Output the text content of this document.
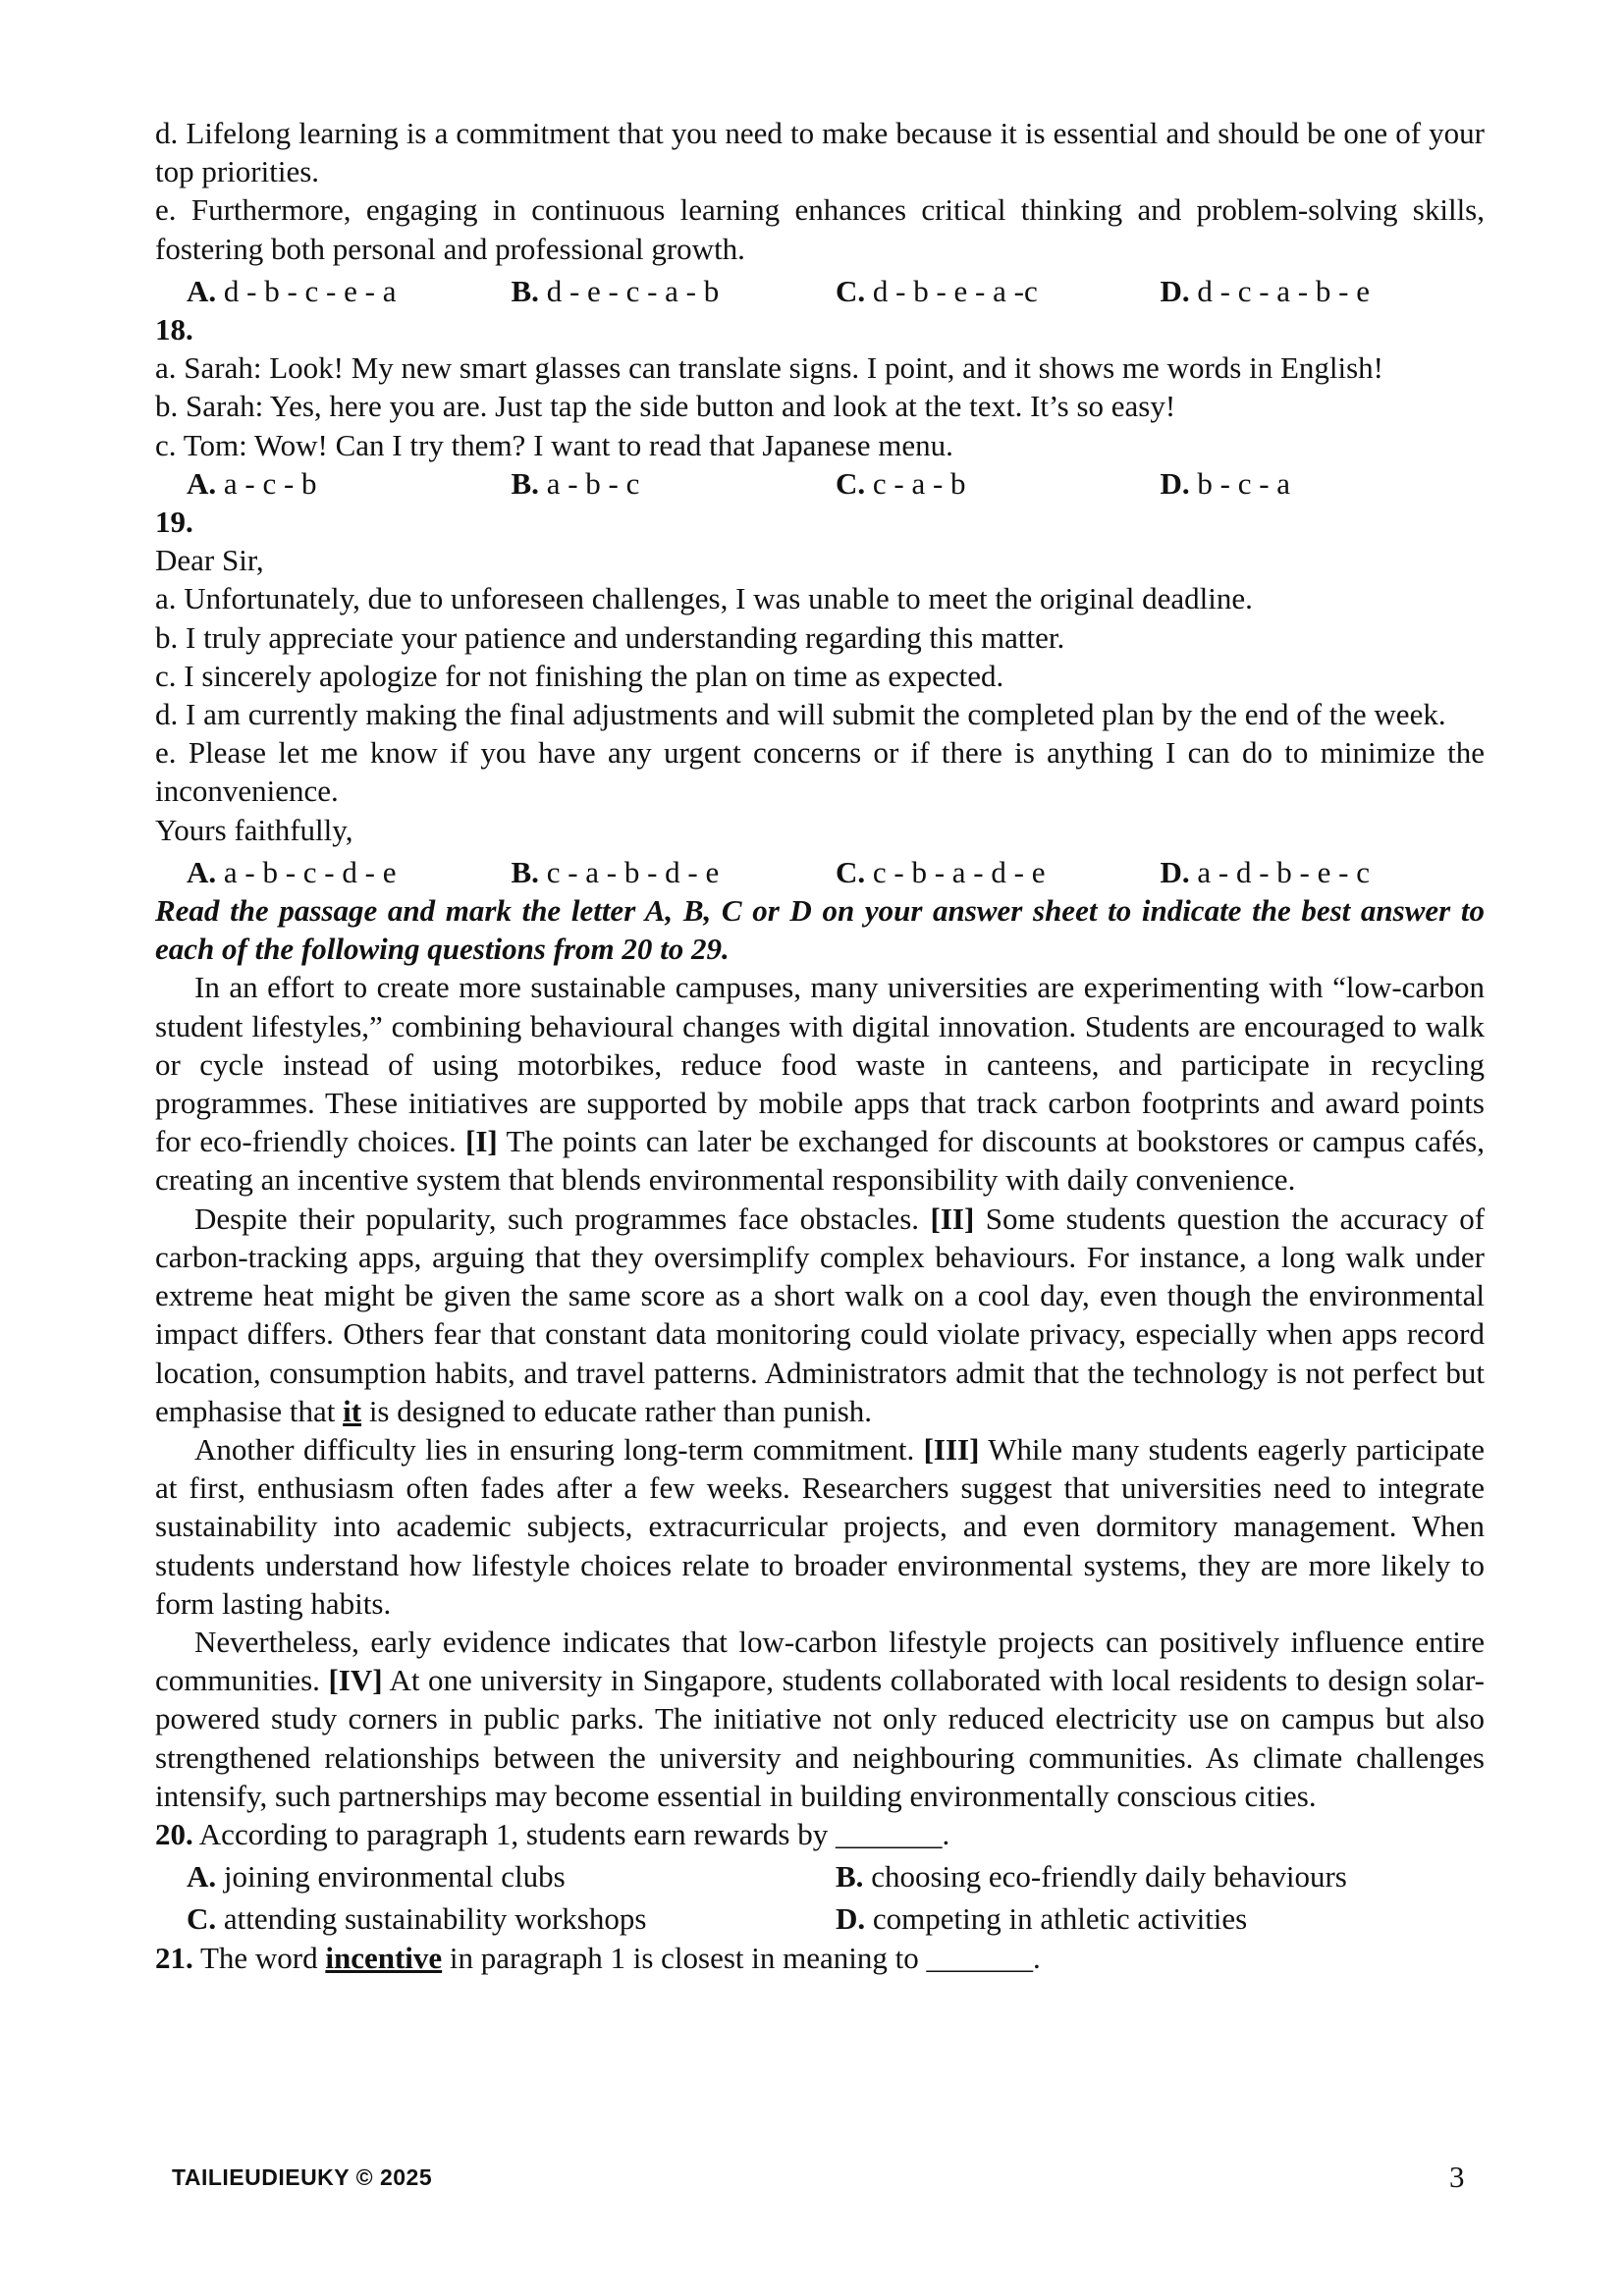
d. Lifelong learning is a commitment that you need to make because it is essential and should be one of your top priorities.

e. Furthermore, engaging in continuous learning enhances critical thinking and problem-solving skills, fostering both personal and professional growth.

A. d - b - c - e - a	B. d - e - c - a - b	C. d - b - e - a -c	D. d - c - a - b - e

18.

a. Sarah: Look! My new smart glasses can translate signs. I point, and it shows me words in English!

b. Sarah: Yes, here you are. Just tap the side button and look at the text. It’s so easy!

c. Tom: Wow! Can I try them? I want to read that Japanese menu.

A. a - c - b	B. a - b - c	C. c - a - b	D. b - c - a

19.

Dear Sir,

a. Unfortunately, due to unforeseen challenges, I was unable to meet the original deadline.

b. I truly appreciate your patience and understanding regarding this matter.

c. I sincerely apologize for not finishing the plan on time as expected.

d. I am currently making the final adjustments and will submit the completed plan by the end of the week.

e. Please let me know if you have any urgent concerns or if there is anything I can do to minimize the inconvenience.

Yours faithfully,

A. a - b - c - d - e	B. c - a - b - d - e	C. c - b - a - d - e	D. a - d - b - e - c

Read the passage and mark the letter A, B, C or D on your answer sheet to indicate the best answer to each of the following questions from 20 to 29.

In an effort to create more sustainable campuses, many universities are experimenting with “low-carbon student lifestyles,” combining behavioural changes with digital innovation. Students are encouraged to walk or cycle instead of using motorbikes, reduce food waste in canteens, and participate in recycling programmes. These initiatives are supported by mobile apps that track carbon footprints and award points for eco-friendly choices. [I] The points can later be exchanged for discounts at bookstores or campus cafés, creating an incentive system that blends environmental responsibility with daily convenience.

Despite their popularity, such programmes face obstacles. [II] Some students question the accuracy of carbon-tracking apps, arguing that they oversimplify complex behaviours. For instance, a long walk under extreme heat might be given the same score as a short walk on a cool day, even though the environmental impact differs. Others fear that constant data monitoring could violate privacy, especially when apps record location, consumption habits, and travel patterns. Administrators admit that the technology is not perfect but emphasise that it is designed to educate rather than punish.

Another difficulty lies in ensuring long-term commitment. [III] While many students eagerly participate at first, enthusiasm often fades after a few weeks. Researchers suggest that universities need to integrate sustainability into academic subjects, extracurricular projects, and even dormitory management. When students understand how lifestyle choices relate to broader environmental systems, they are more likely to form lasting habits.

Nevertheless, early evidence indicates that low-carbon lifestyle projects can positively influence entire communities. [IV] At one university in Singapore, students collaborated with local residents to design solar- powered study corners in public parks. The initiative not only reduced electricity use on campus but also strengthened relationships between the university and neighbouring communities. As climate challenges intensify, such partnerships may become essential in building environmentally conscious cities.

20. According to paragraph 1, students earn rewards by _______.

A. joining environmental clubs	B. choosing eco-friendly daily behaviours
C. attending sustainability workshops	D. competing in athletic activities

21. The word incentive in paragraph 1 is closest in meaning to _______.

TAILIEUDIEUKY © 2025	3
